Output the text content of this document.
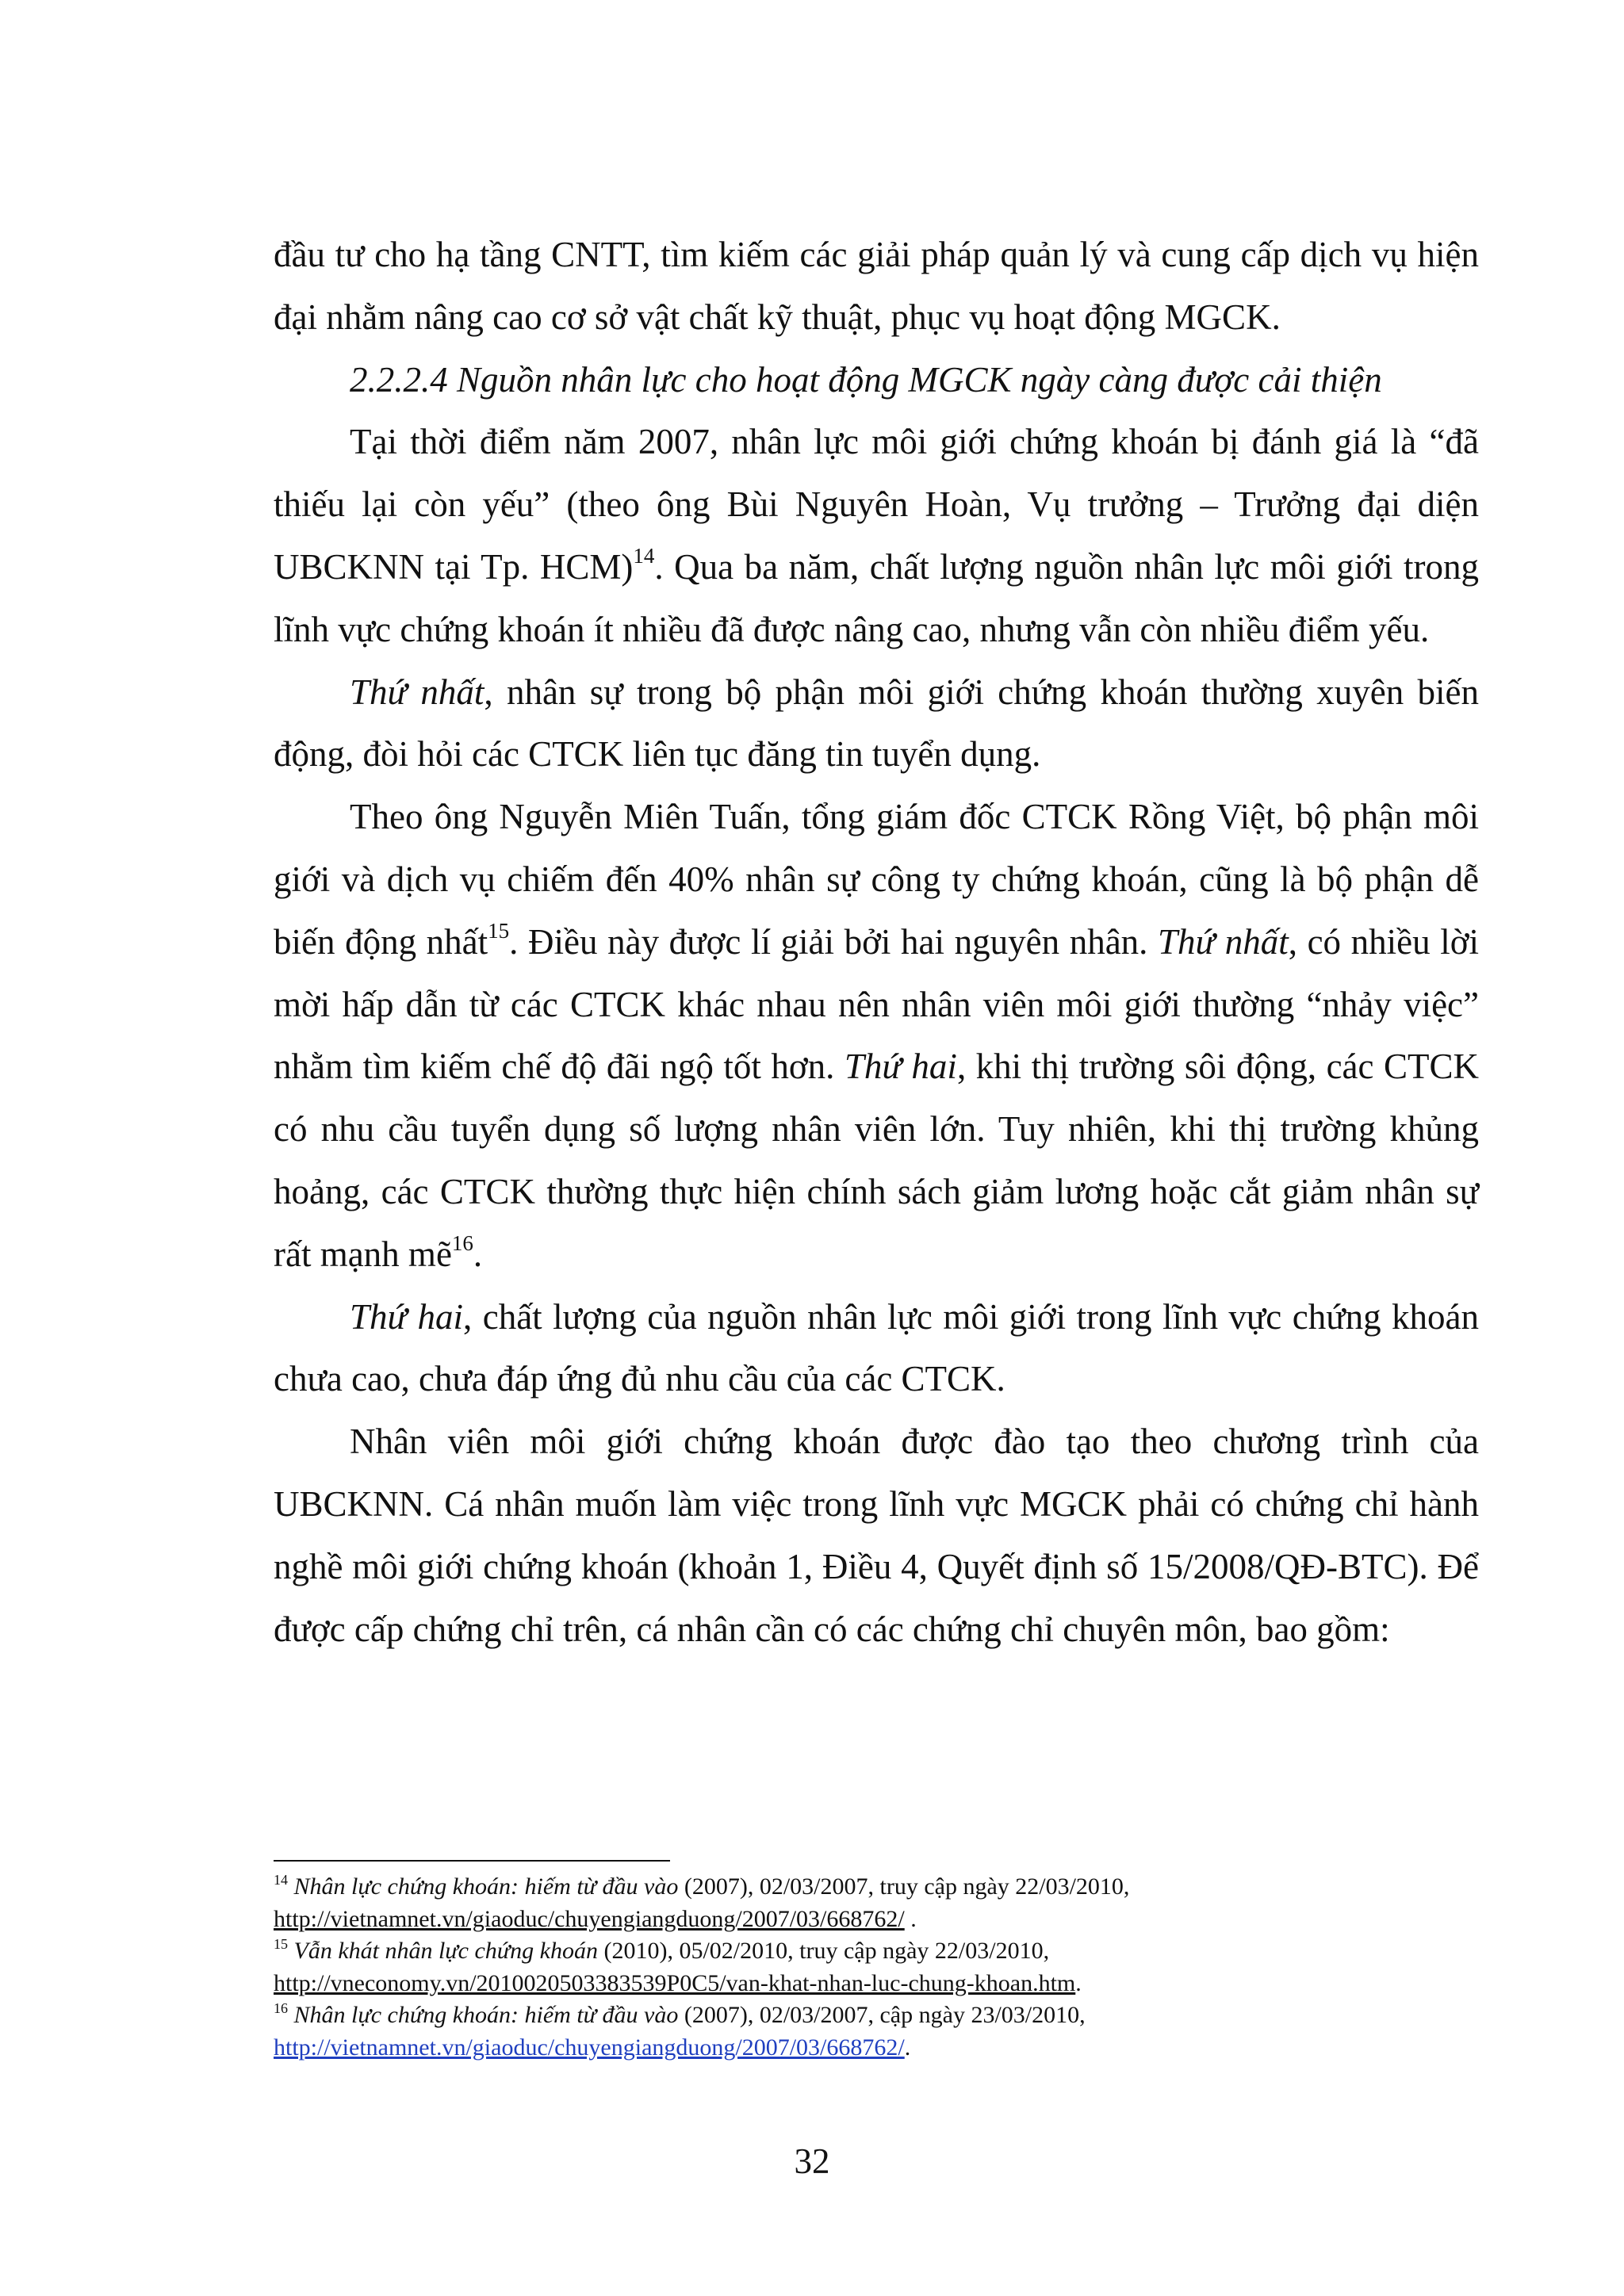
đầu tư cho hạ tầng CNTT, tìm kiếm các giải pháp quản lý và cung cấp dịch vụ hiện đại nhằm nâng cao cơ sở vật chất kỹ thuật, phục vụ hoạt động MGCK.

2.2.2.4 Nguồn nhân lực cho hoạt động MGCK ngày càng được cải thiện

Tại thời điểm năm 2007, nhân lực môi giới chứng khoán bị đánh giá là “đã thiếu lại còn yếu” (theo ông Bùi Nguyên Hoàn, Vụ trưởng – Trưởng đại diện UBCKNN tại Tp. HCM)$^{14}$. Qua ba năm, chất lượng nguồn nhân lực môi giới trong lĩnh vực chứng khoán ít nhiều đã được nâng cao, nhưng vẫn còn nhiều điểm yếu.

Thứ nhất, nhân sự trong bộ phận môi giới chứng khoán thường xuyên biến động, đòi hỏi các CTCK liên tục đăng tin tuyển dụng.

Theo ông Nguyễn Miên Tuấn, tổng giám đốc CTCK Rồng Việt, bộ phận môi giới và dịch vụ chiếm đến 40% nhân sự công ty chứng khoán, cũng là bộ phận dễ biến động nhất$^{15}$. Điều này được lí giải bởi hai nguyên nhân. Thứ nhất, có nhiều lời mời hấp dẫn từ các CTCK khác nhau nên nhân viên môi giới thường “nhảy việc” nhằm tìm kiếm chế độ đãi ngộ tốt hơn. Thứ hai, khi thị trường sôi động, các CTCK có nhu cầu tuyển dụng số lượng nhân viên lớn. Tuy nhiên, khi thị trường khủng hoảng, các CTCK thường thực hiện chính sách giảm lương hoặc cắt giảm nhân sự rất mạnh mẽ$^{16}$.

Thứ hai, chất lượng của nguồn nhân lực môi giới trong lĩnh vực chứng khoán chưa cao, chưa đáp ứng đủ nhu cầu của các CTCK.

Nhân viên môi giới chứng khoán được đào tạo theo chương trình của UBCKNN. Cá nhân muốn làm việc trong lĩnh vực MGCK phải có chứng chỉ hành nghề môi giới chứng khoán (khoản 1, Điều 4, Quyết định số 15/2008/QĐ-BTC). Để được cấp chứng chỉ trên, cá nhân cần có các chứng chỉ chuyên môn, bao gồm:

$^{14}$ Nhân lực chứng khoán: hiếm từ đầu vào (2007), 02/03/2007, truy cập ngày 22/03/2010,
http://vietnamnet.vn/giaoduc/chuyengiangduong/2007/03/668762/ .

$^{15}$ Vẫn khát nhân lực chứng khoán (2010), 05/02/2010, truy cập ngày 22/03/2010,
http://vneconomy.vn/2010020503383539P0C5/van-khat-nhan-luc-chung-khoan.htm.

$^{16}$ Nhân lực chứng khoán: hiếm từ đầu vào (2007), 02/03/2007, cập ngày 23/03/2010,
http://vietnamnet.vn/giaoduc/chuyengiangduong/2007/03/668762/.

32
